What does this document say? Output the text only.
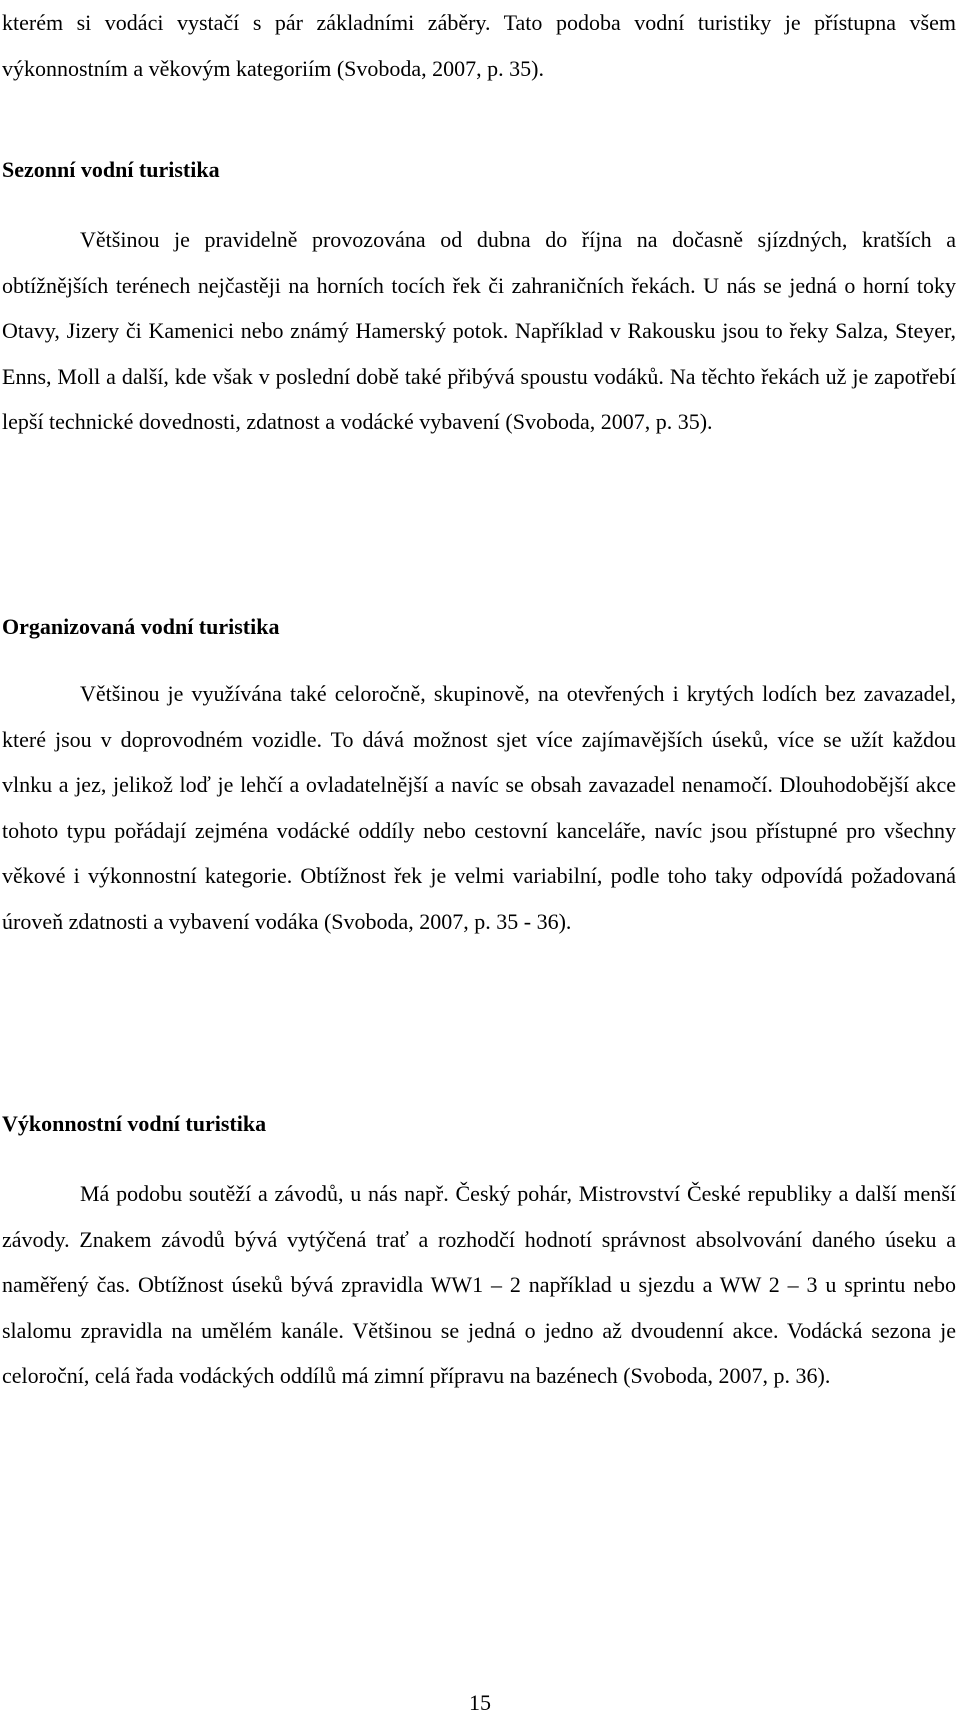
kterém si vodáci vystačí s pár základními záběry. Tato podoba vodní turistiky je přístupna všem výkonnostním a věkovým kategoriím (Svoboda, 2007, p. 35).

Sezonní vodní turistika

Většinou je pravidelně provozována od dubna do října na dočasně sjízdných, kratších a obtížnějších terénech nejčastěji na horních tocích řek či zahraničních řekách. U nás se jedná o horní toky Otavy, Jizery či Kamenici nebo známý Hamerský potok. Například v Rakousku jsou to řeky Salza, Steyer, Enns, Moll a další, kde však v poslední době také přibývá spoustu vodáků. Na těchto řekách už je zapotřebí lepší technické dovednosti, zdatnost a vodácké vybavení (Svoboda, 2007, p. 35).

Organizovaná vodní turistika

Většinou je využívána také celoročně, skupinově, na otevřených i krytých lodích bez zavazadel, které jsou v doprovodném vozidle. To dává možnost sjet více zajímavějších úseků, více se užít každou vlnku a jez, jelikož loď je lehčí a ovladatelnější a navíc se obsah zavazadel nenamočí. Dlouhodobější akce tohoto typu pořádají zejména vodácké oddíly nebo cestovní kanceláře, navíc jsou přístupné pro všechny věkové i výkonnostní kategorie. Obtížnost řek je velmi variabilní, podle toho taky odpovídá požadovaná úroveň zdatnosti a vybavení vodáka (Svoboda, 2007, p. 35 - 36).

Výkonnostní vodní turistika

Má podobu soutěží a závodů, u nás např. Český pohár, Mistrovství České republiky a další menší závody. Znakem závodů bývá vytýčená trať a rozhodčí hodnotí správnost absolvování daného úseku a naměřený čas. Obtížnost úseků bývá zpravidla WW1 – 2 například u sjezdu a WW 2 – 3 u sprintu nebo slalomu zpravidla na umělém kanále. Většinou se jedná o jedno až dvoudenní akce. Vodácká sezona je celoroční, celá řada vodáckých oddílů má zimní přípravu na bazénech (Svoboda, 2007, p. 36).

15
